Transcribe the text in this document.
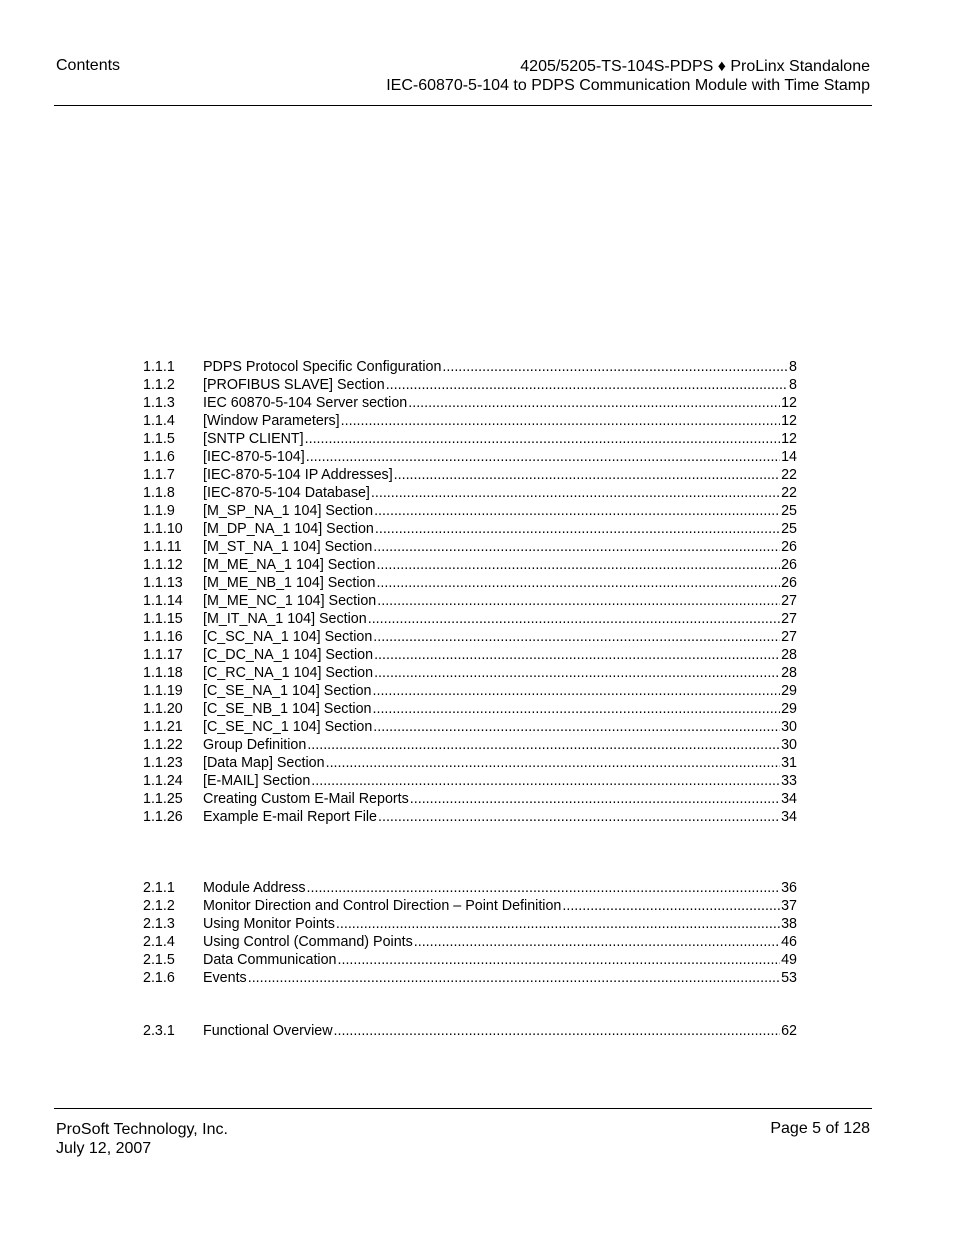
Contents	4205/5205-TS-104S-PDPS ♦ ProLinx Standalone
IEC-60870-5-104 to PDPS Communication Module with Time Stamp
1.1.1	PDPS Protocol Specific Configuration .....	8
1.1.2	[PROFIBUS SLAVE] Section .....	8
1.1.3	IEC 60870-5-104 Server section .....	12
1.1.4	[Window Parameters] .....	12
1.1.5	[SNTP CLIENT] .....	12
1.1.6	[IEC-870-5-104] .....	14
1.1.7	[IEC-870-5-104 IP Addresses] .....	22
1.1.8	[IEC-870-5-104 Database] .....	22
1.1.9	[M_SP_NA_1 104] Section .....	25
1.1.10	[M_DP_NA_1 104] Section .....	25
1.1.11	[M_ST_NA_1 104] Section .....	26
1.1.12	[M_ME_NA_1 104] Section .....	26
1.1.13	[M_ME_NB_1 104] Section .....	26
1.1.14	[M_ME_NC_1 104] Section .....	27
1.1.15	[M_IT_NA_1 104] Section .....	27
1.1.16	[C_SC_NA_1 104] Section .....	27
1.1.17	[C_DC_NA_1 104] Section .....	28
1.1.18	[C_RC_NA_1 104] Section .....	28
1.1.19	[C_SE_NA_1 104] Section .....	29
1.1.20	[C_SE_NB_1 104] Section .....	29
1.1.21	[C_SE_NC_1 104] Section .....	30
1.1.22	Group Definition .....	30
1.1.23	[Data Map] Section .....	31
1.1.24	[E-MAIL] Section .....	33
1.1.25	Creating Custom E-Mail Reports .....	34
1.1.26	Example E-mail Report File .....	34
2.1.1	Module Address .....	36
2.1.2	Monitor Direction and Control Direction – Point Definition .....	37
2.1.3	Using Monitor Points .....	38
2.1.4	Using Control (Command) Points .....	46
2.1.5	Data Communication .....	49
2.1.6	Events .....	53
2.3.1	Functional Overview .....	62
ProSoft Technology, Inc.
July 12, 2007
Page 5 of 128
